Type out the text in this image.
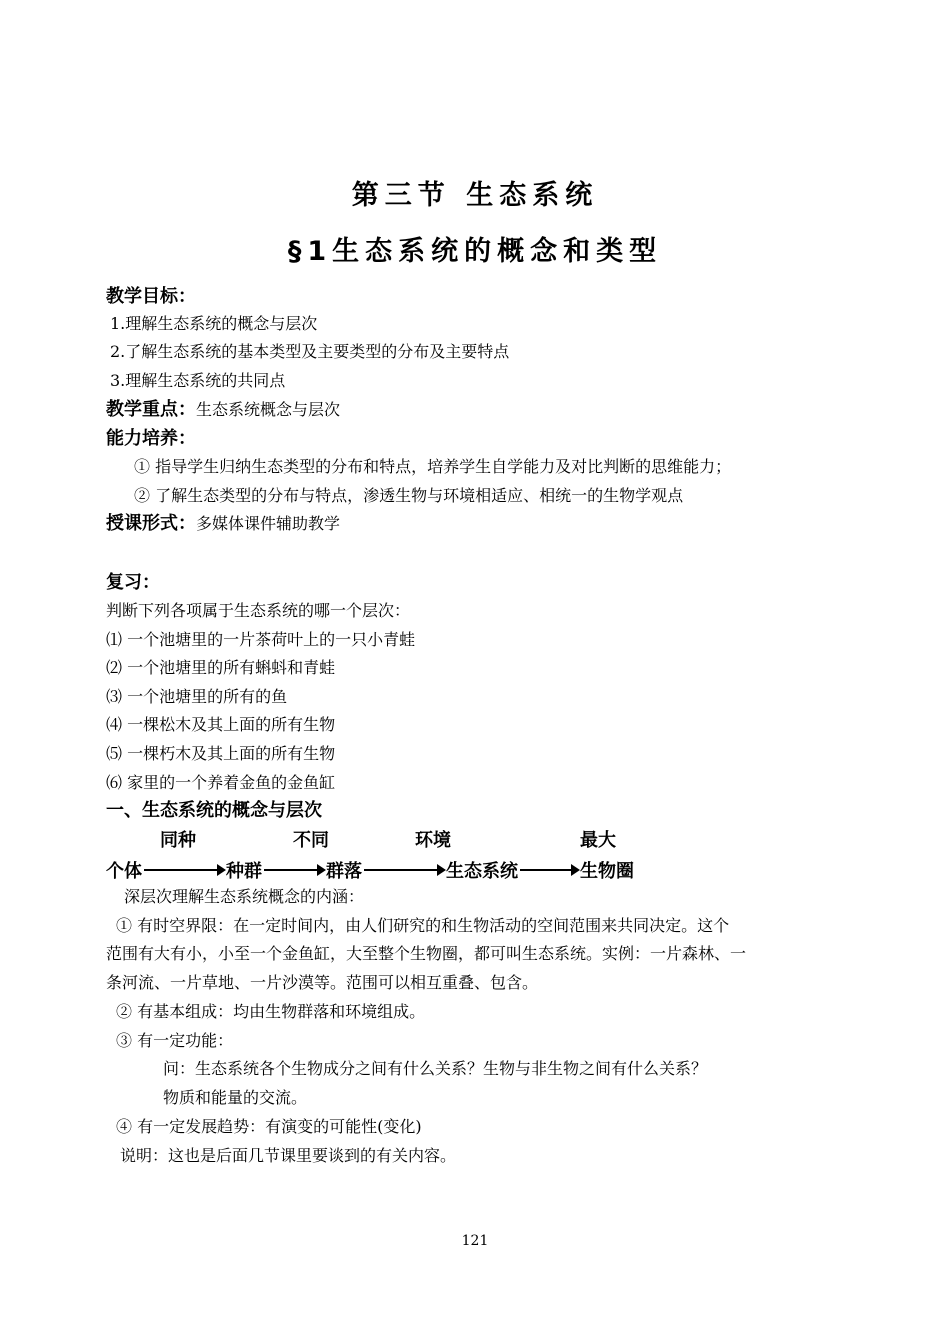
第三节 生态系统
§1生态系统的概念和类型
教学目标：
1.理解生态系统的概念与层次
2.了解生态系统的基本类型及主要类型的分布及主要特点
3.理解生态系统的共同点
教学重点：生态系统概念与层次
能力培养：
① 指导学生归纳生态类型的分布和特点，培养学生自学能力及对比判断的思维能力；
② 了解生态类型的分布与特点，渗透生物与环境相适应、相统一的生物学观点
授课形式：多媒体课件辅助教学
复习：
判断下列各项属于生态系统的哪一个层次：
⑴ 一个池塘里的一片茶荷叶上的一只小青蛙
⑵ 一个池塘里的所有蝌蚪和青蛙
⑶ 一个池塘里的所有的鱼
⑷ 一棵松木及其上面的所有生物
⑸ 一棵朽木及其上面的所有生物
⑹ 家里的一个养着金鱼的金鱼缸
一、生态系统的概念与层次
同种	不同	环境	最大
个体	种群	群落	生态系统	生物圈
深层次理解生态系统概念的内涵：
① 有时空界限：在一定时间内，由人们研究的和生物活动的空间范围来共同决定。这个
范围有大有小，小至一个金鱼缸，大至整个生物圈，都可叫生态系统。实例：一片森林、一
条河流、一片草地、一片沙漠等。范围可以相互重叠、包含。
② 有基本组成：均由生物群落和环境组成。
③ 有一定功能：
问：生态系统各个生物成分之间有什么关系？生物与非生物之间有什么关系？
物质和能量的交流。
④ 有一定发展趋势：有演变的可能性(变化)
说明：这也是后面几节课里要谈到的有关内容。
121
